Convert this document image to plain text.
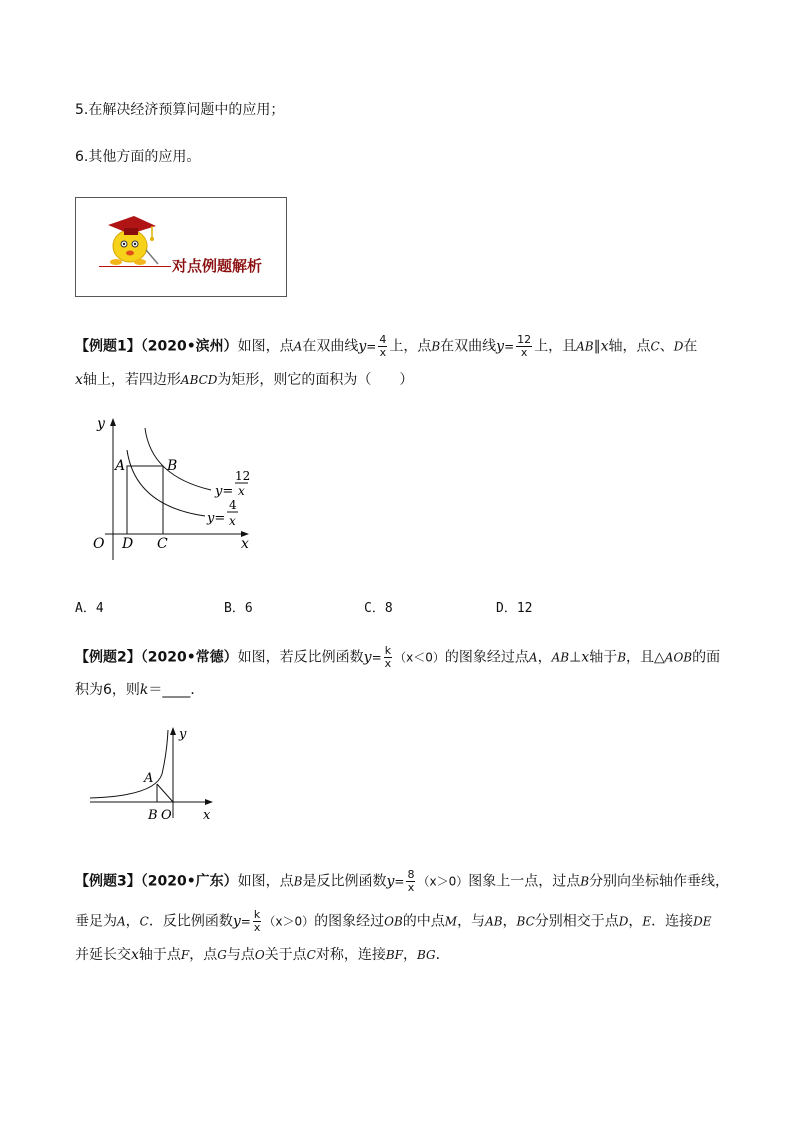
5.在解决经济预算问题中的应用；
6.其他方面的应用。
对点例题解析
【例题1】（2020•滨州）如图，点A在双曲线$y= \frac{4}{x}$ 上，点B在双曲线$y= \frac{12}{x}$ 上，且AB∥x轴，点C、D在
x轴上，若四边形ABCD为矩形，则它的面积为（　　）
y
O D C	x
A	B
y=
12
x
y=
4
x
A．4	B．6	C．8	D．12
【例题2】（2020•常德）如图，若反比例函数$y= \frac{k}{x} (x<0)$的图象经过点A，AB⊥x轴于B，且△AOB的面
积为6，则k＝____．
y
A
B O x
【例题3】（2020•广东）如图，点B是反比例函数$y= \frac{8}{x} (x>0)$图象上一点，过点B分别向坐标轴作垂线，
垂足为A，C．反比例函数$y= \frac{k}{x} (x>0)$的图象经过OB的中点M，与AB，BC分别相交于点D，E．连接DE
并延长交x轴于点F，点G与点O关于点C对称，连接BF，BG．
